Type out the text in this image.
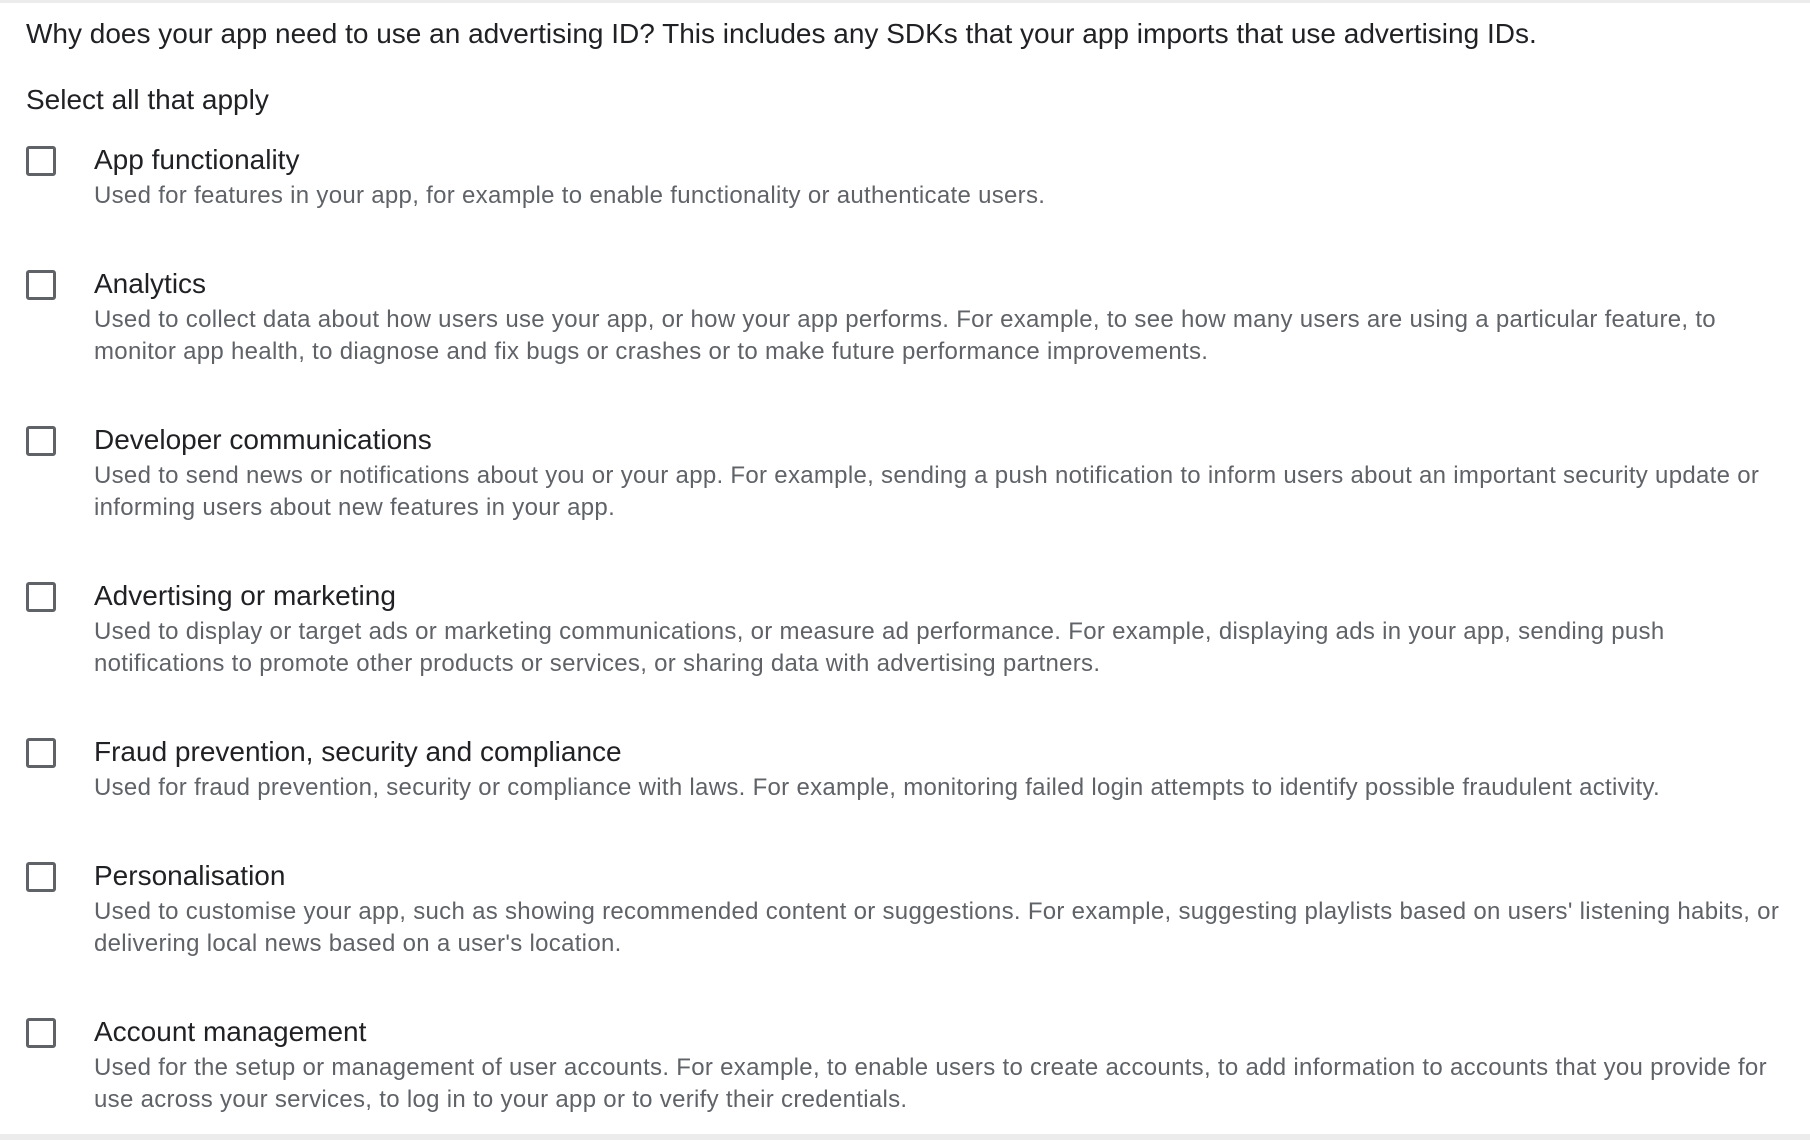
Why does your app need to use an advertising ID? This includes any SDKs that your app imports that use advertising IDs.
Select all that apply
App functionality
Used for features in your app, for example to enable functionality or authenticate users.
Analytics
Used to collect data about how users use your app, or how your app performs. For example, to see how many users are using a particular feature, to monitor app health, to diagnose and fix bugs or crashes or to make future performance improvements.
Developer communications
Used to send news or notifications about you or your app. For example, sending a push notification to inform users about an important security update or informing users about new features in your app.
Advertising or marketing
Used to display or target ads or marketing communications, or measure ad performance. For example, displaying ads in your app, sending push notifications to promote other products or services, or sharing data with advertising partners.
Fraud prevention, security and compliance
Used for fraud prevention, security or compliance with laws. For example, monitoring failed login attempts to identify possible fraudulent activity.
Personalisation
Used to customise your app, such as showing recommended content or suggestions. For example, suggesting playlists based on users' listening habits, or delivering local news based on a user's location.
Account management
Used for the setup or management of user accounts. For example, to enable users to create accounts, to add information to accounts that you provide for use across your services, to log in to your app or to verify their credentials.
